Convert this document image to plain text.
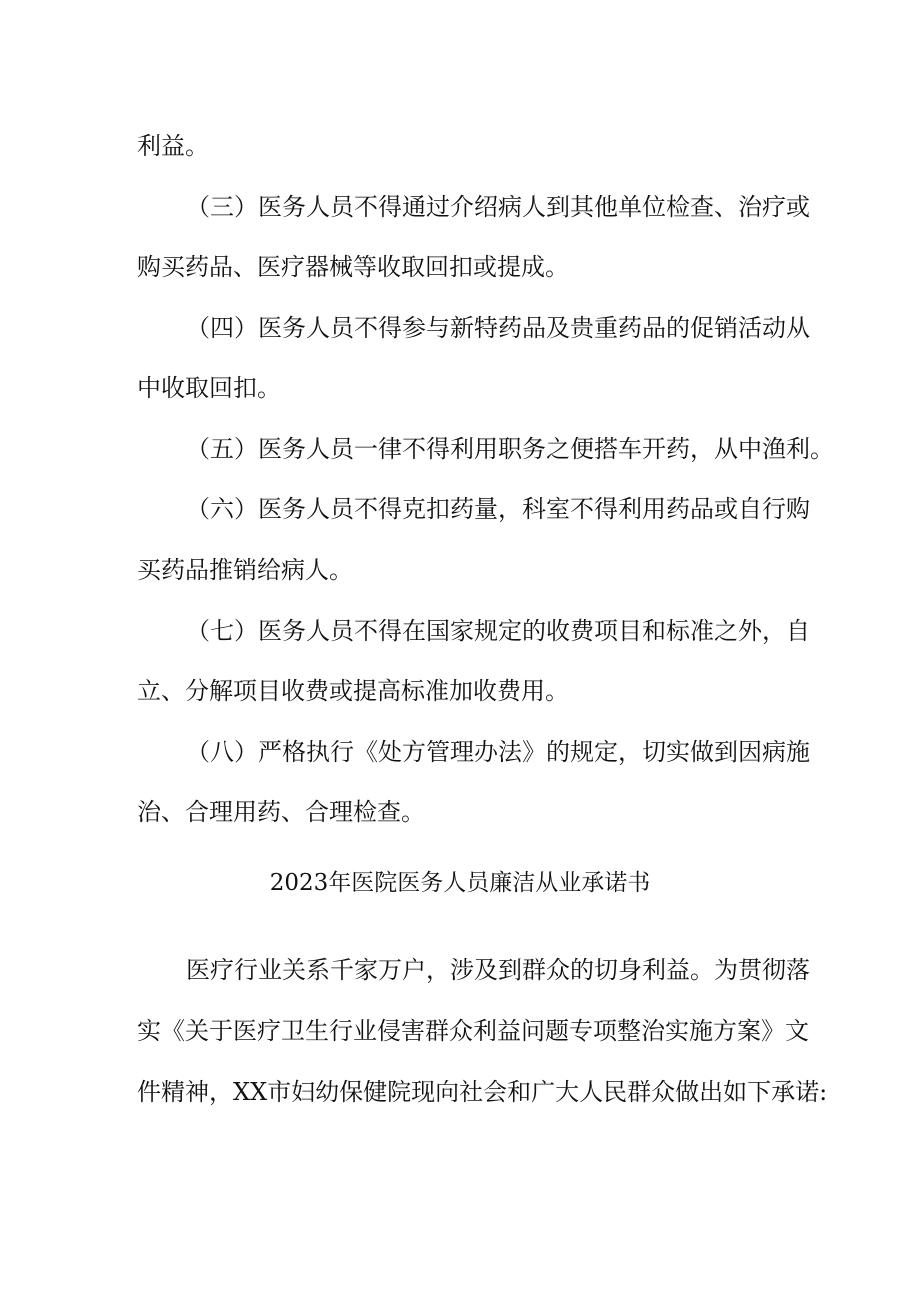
利益。
（三）医务人员不得通过介绍病人到其他单位检查、治疗或
购买药品、医疗器械等收取回扣或提成。
（四）医务人员不得参与新特药品及贵重药品的促销活动从
中收取回扣。
（五）医务人员一律不得利用职务之便搭车开药，从中渔利。
（六）医务人员不得克扣药量，科室不得利用药品或自行购
买药品推销给病人。
（七）医务人员不得在国家规定的收费项目和标准之外，自
立、分解项目收费或提高标准加收费用。
（八）严格执行《处方管理办法》的规定，切实做到因病施
治、合理用药、合理检查。
2023年医院医务人员廉洁从业承诺书
医疗行业关系千家万户，涉及到群众的切身利益。为贯彻落
实《关于医疗卫生行业侵害群众利益问题专项整治实施方案》文
件精神，XX市妇幼保健院现向社会和广大人民群众做出如下承诺:
